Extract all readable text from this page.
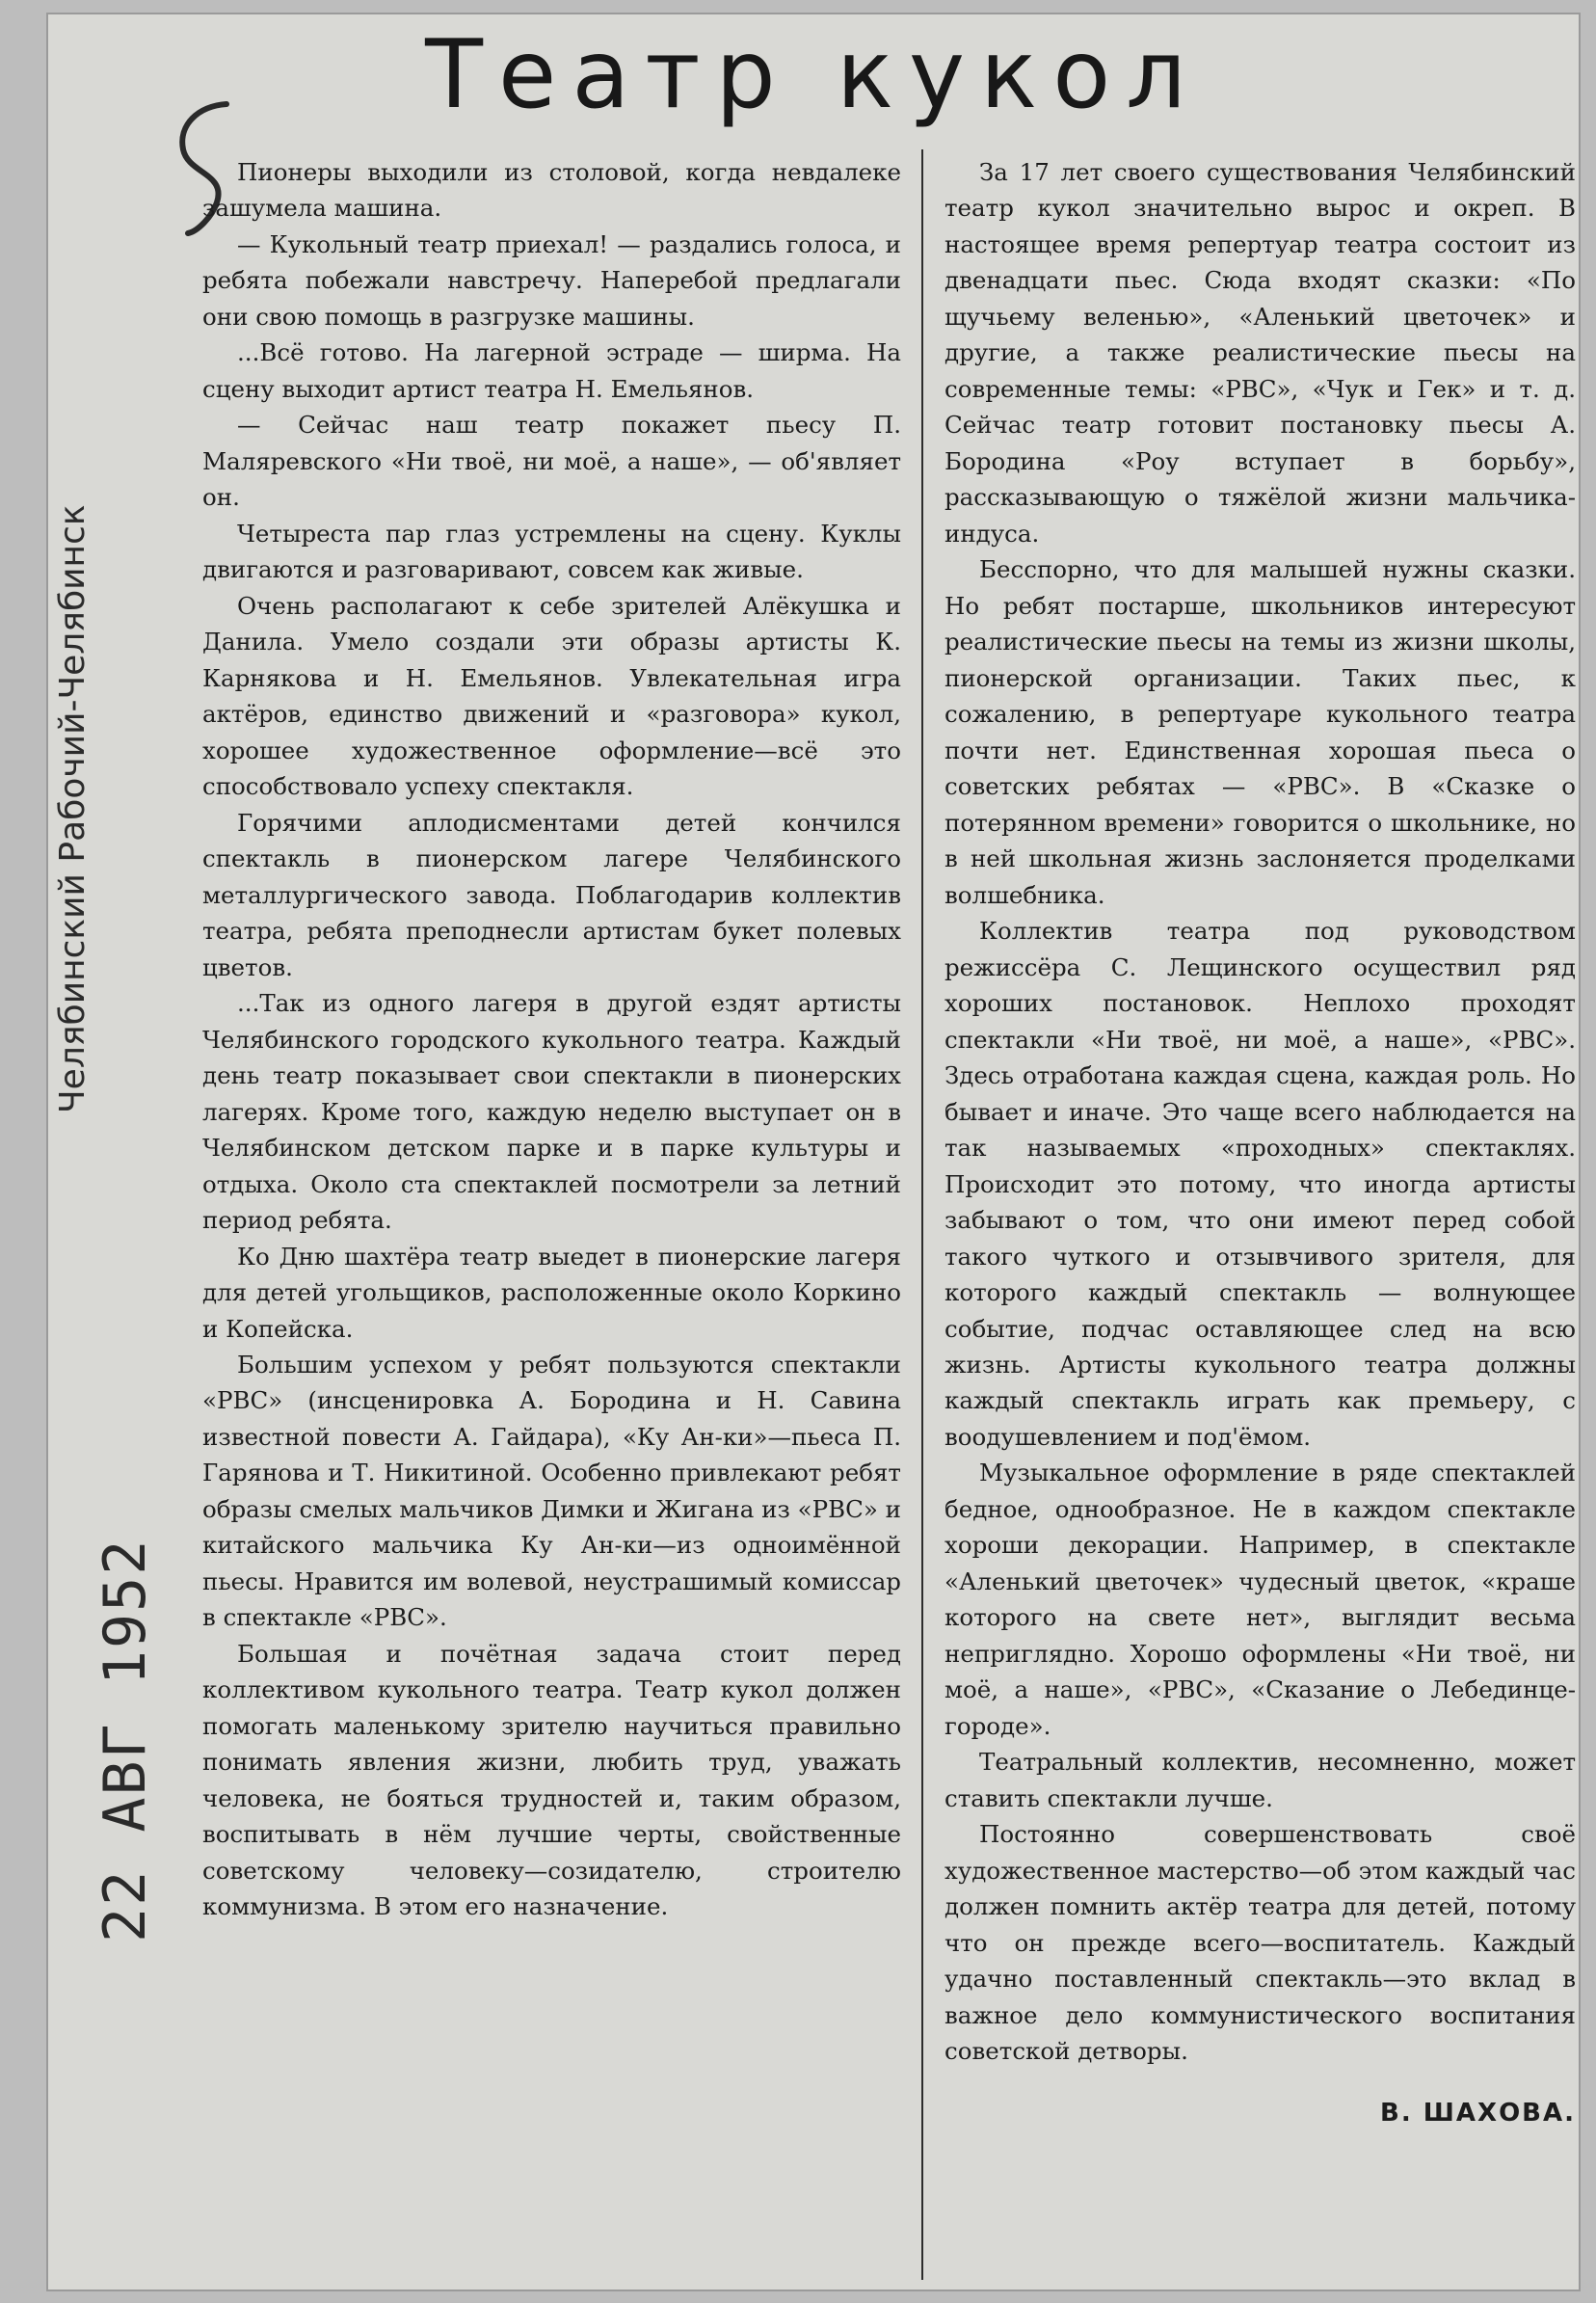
Театр кукол
Челябинский Рабочий-Челябинск
22 АВГ 1952

Пионеры выходили из столовой, когда невдалеке зашумела машина.

— Кукольный театр приехал! — раздались голоса, и ребята побежали навстречу. Наперебой предлагали они свою помощь в разгрузке машины.

...Всё готово. На лагерной эстраде — ширма. На сцену выходит артист театра Н. Емельянов.

— Сейчас наш театр покажет пьесу П. Маляревского «Ни твоё, ни моё, а наше», — об'являет он.

Четыреста пар глаз устремлены на сцену. Куклы двигаются и разговаривают, совсем как живые.

Очень располагают к себе зрителей Алёкушка и Данила. Умело создали эти образы артисты К. Карнякова и Н. Емельянов. Увлекательная игра актёров, единство движений и «разговора» кукол, хорошее художественное оформление—всё это способствовало успеху спектакля.

Горячими аплодисментами детей кончился спектакль в пионерском лагере Челябинского металлургического завода. Поблагодарив коллектив театра, ребята преподнесли артистам букет полевых цветов.

...Так из одного лагеря в другой ездят артисты Челябинского городского кукольного театра. Каждый день театр показывает свои спектакли в пионерских лагерях. Кроме того, каждую неделю выступает он в Челябинском детском парке и в парке культуры и отдыха. Около ста спектаклей посмотрели за летний период ребята.

Ко Дню шахтёра театр выедет в пионерские лагеря для детей угольщиков, расположенные около Коркино и Копейска.

Большим успехом у ребят пользуются спектакли «РВС» (инсценировка А. Бородина и Н. Савина известной повести А. Гайдара), «Ку Ан-ки»—пьеса П. Гарянова и Т. Никитиной. Особенно привлекают ребят образы смелых мальчиков Димки и Жигана из «РВС» и китайского мальчика Ку Ан-ки—из одноимённой пьесы. Нравится им волевой, неустрашимый комиссар в спектакле «РВС».

Большая и почётная задача стоит перед коллективом кукольного театра. Театр кукол должен помогать маленькому зрителю научиться правильно понимать явления жизни, любить труд, уважать человека, не бояться трудностей и, таким образом, воспитывать в нём лучшие черты, свойственные советскому человеку—созидателю, строителю коммунизма. В этом его назначение.

За 17 лет своего существования Челябинский театр кукол значительно вырос и окреп. В настоящее время репертуар театра состоит из двенадцати пьес. Сюда входят сказки: «По щучьему веленью», «Аленький цветочек» и другие, а также реалистические пьесы на современные темы: «РВС», «Чук и Гек» и т. д. Сейчас театр готовит постановку пьесы А. Бородина «Роу вступает в борьбу», рассказывающую о тяжёлой жизни мальчика-индуса.

Бесспорно, что для малышей нужны сказки. Но ребят постарше, школьников интересуют реалистические пьесы на темы из жизни школы, пионерской организации. Таких пьес, к сожалению, в репертуаре кукольного театра почти нет. Единственная хорошая пьеса о советских ребятах — «РВС». В «Сказке о потерянном времени» говорится о школьнике, но в ней школьная жизнь заслоняется проделками волшебника.

Коллектив театра под руководством режиссёра С. Лещинского осуществил ряд хороших постановок. Неплохо проходят спектакли «Ни твоё, ни моё, а наше», «РВС». Здесь отработана каждая сцена, каждая роль. Но бывает и иначе. Это чаще всего наблюдается на так называемых «проходных» спектаклях. Происходит это потому, что иногда артисты забывают о том, что они имеют перед собой такого чуткого и отзывчивого зрителя, для которого каждый спектакль — волнующее событие, подчас оставляющее след на всю жизнь. Артисты кукольного театра должны каждый спектакль играть как премьеру, с воодушевлением и под'ёмом.

Музыкальное оформление в ряде спектаклей бедное, однообразное. Не в каждом спектакле хороши декорации. Например, в спектакле «Аленький цветочек» чудесный цветок, «краше которого на свете нет», выглядит весьма неприглядно. Хорошо оформлены «Ни твоё, ни моё, а наше», «РВС», «Сказание о Лебединце-городе».

Театральный коллектив, несомненно, может ставить спектакли лучше.

Постоянно совершенствовать своё художественное мастерство—об этом каждый час должен помнить актёр театра для детей, потому что он прежде всего—воспитатель. Каждый удачно поставленный спектакль—это вклад в важное дело коммунистического воспитания советской детворы.

В. ШАХОВА.
